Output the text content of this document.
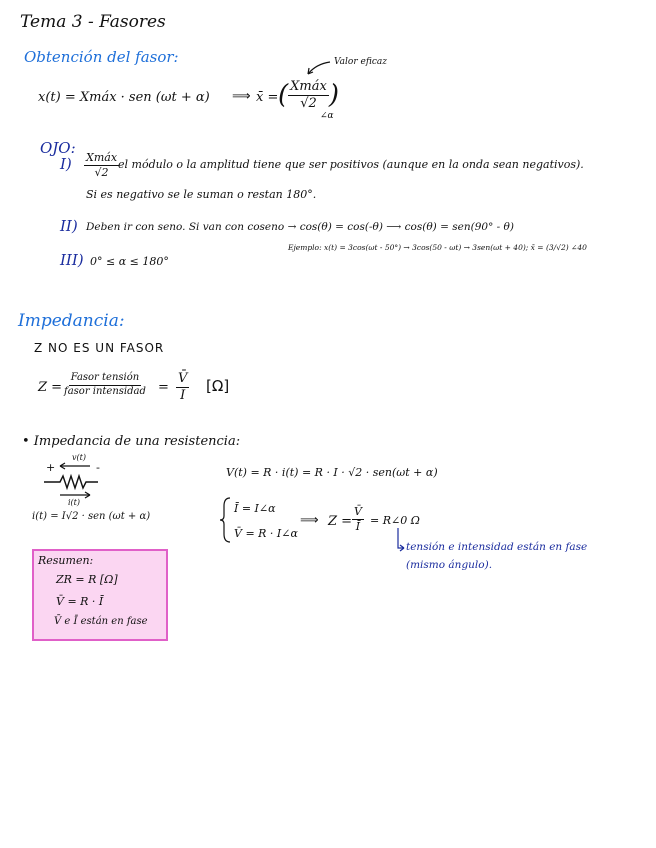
Tema 3 - Fasores
Obtención del fasor:	Valor eficaz
x(t) = Xmáx · sen (ωt + α) ⟹ x̄ = ( $\frac{\text{Xmáx}}{√2}$ )
∠α
OJO:
$I) \frac{\text{Xmáx}}{√2}$
el módulo o la amplitud tiene que ser positivos (aunque en la onda sean negativos).
Si es negativo se le suman o restan 180°.
II) Deben ir con seno. Si van con coseno → cos(θ) = cos(-θ) ⟶ cos(θ) = sen(90° - θ)
Ejemplo: x(t) = 3cos(ωt - 50°) → 3cos(50 - ωt) → 3sen(ωt + 40); x̄ = (3/√2) ∠40
III) 0° ≤ α ≤ 180°
Impedancia:
Z NO ES UN FASOR
$Z = \frac{\text{Fasor tensión}}{\text{fasor intensidad}} = \frac{V̄}{Ī} [\Omega]$
• Impedancia de una resistencia:
+	-
v(t)
i(t)
i(t) = I√2 · sen (ωt + α)
V(t) = R · i(t) = R · I · √2 · sen(ωt + α)
Ī = I∠α
V̄ = R · I∠α
⟹ $Z = \frac{V̄}{Ī}$ = R∠0 Ω
tensión e intensidad están en fase
(mismo ángulo).
Resumen:
ZR = R [Ω]
V̄ = R · Ī
V̄ e Ī están en fase
